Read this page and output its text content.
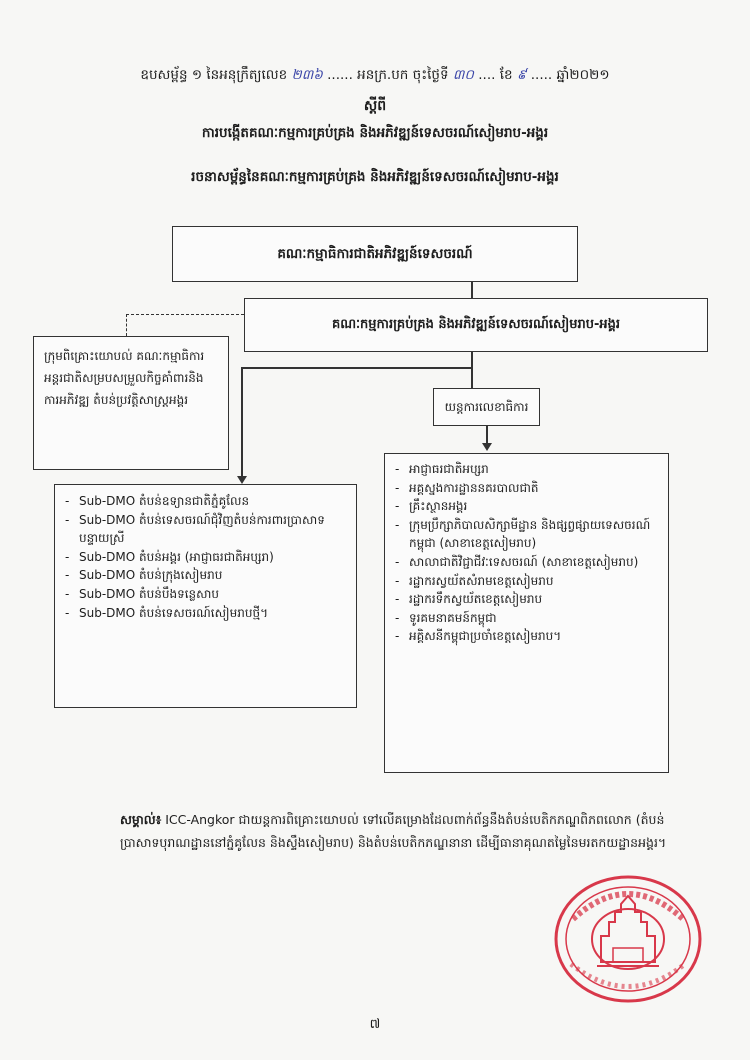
ឧបសម្ព័ន្ធ ១ នៃអនុក្រឹត្យលេខ ២៣៦ ...... អនក្រ.បក ចុះថ្ងៃទី ៣០ .... ខែ ៩ ..... ឆ្នាំ២០២១
ស្តីពី
ការបង្កើតគណៈកម្មការគ្រប់គ្រង និងអភិវឌ្ឍន៍ទេសចរណ៍សៀមរាប-អង្គរ
រចនាសម្ព័ន្ធនៃគណៈកម្មការគ្រប់គ្រង និងអភិវឌ្ឍន៍ទេសចរណ៍សៀមរាប-អង្គរ
គណៈកម្មាធិការជាតិអភិវឌ្ឍន៍ទេសចរណ៍
គណៈកម្មការគ្រប់គ្រង និងអភិវឌ្ឍន៍ទេសចរណ៍សៀមរាប-អង្គរ
ក្រុមពិគ្រោះយោបល់ គណៈកម្មាធិការអន្តរជាតិសម្របសម្រួលកិច្ចគាំពារនិងការអភិវឌ្ឍ តំបន់ប្រវត្តិសាស្ត្រអង្គរ	យន្តការលេខាធិការ
- Sub-DMO តំបន់ឧទ្យានជាតិភ្នំគូលែន
- Sub-DMO តំបន់ទេសចរណ៍ជុំវិញតំបន់ការពារប្រាសាទបន្ទាយស្រី
- Sub-DMO តំបន់អង្គរ (អាជ្ញាធរជាតិអប្សរា)
- Sub-DMO តំបន់ក្រុងសៀមរាប
- Sub-DMO តំបន់បឹងទន្លេសាប
- Sub-DMO តំបន់ទេសចរណ៍សៀមរាបថ្មី។
- អាជ្ញាធរជាតិអប្សរា
- អគ្គស្នងការដ្ឋាននគរបាលជាតិ
- គ្រឹះស្ថានអង្គរ
- ក្រុមប្រឹក្សាភិបាលសិក្សាមីដ្ឋាន និងផ្សព្វផ្សាយទេសចរណ៍កម្ពុជា (សាខាខេត្តសៀមរាប)
- សាលាជាតិវិជ្ជាជីវៈទេសចរណ៍ (សាខាខេត្តសៀមរាប)
- រដ្ឋាករស្វយ័តសំរាមខេត្តសៀមរាប
- រដ្ឋាករទឹកស្វយ័តខេត្តសៀមរាប
- ទូរគមនាគមន៍កម្ពុជា
- អគ្គិសនីកម្ពុជាប្រចាំខេត្តសៀមរាប។
សម្គាល់៖ ICC-Angkor ជាយន្តការពិគ្រោះយោបល់ ទៅលើគម្រោងដែលពាក់ព័ន្ធនឹងតំបន់បេតិកភណ្ឌពិភពលោក (តំបន់ប្រាសាទបុរាណដ្ឋាននៅភ្នំគូលែន និងស្ទឹងសៀមរាប) និងតំបន់បេតិកភណ្ឌនានា ដើម្បីធានាគុណតម្លៃនៃមរតកយដ្ឋានអង្គរ។
៧
